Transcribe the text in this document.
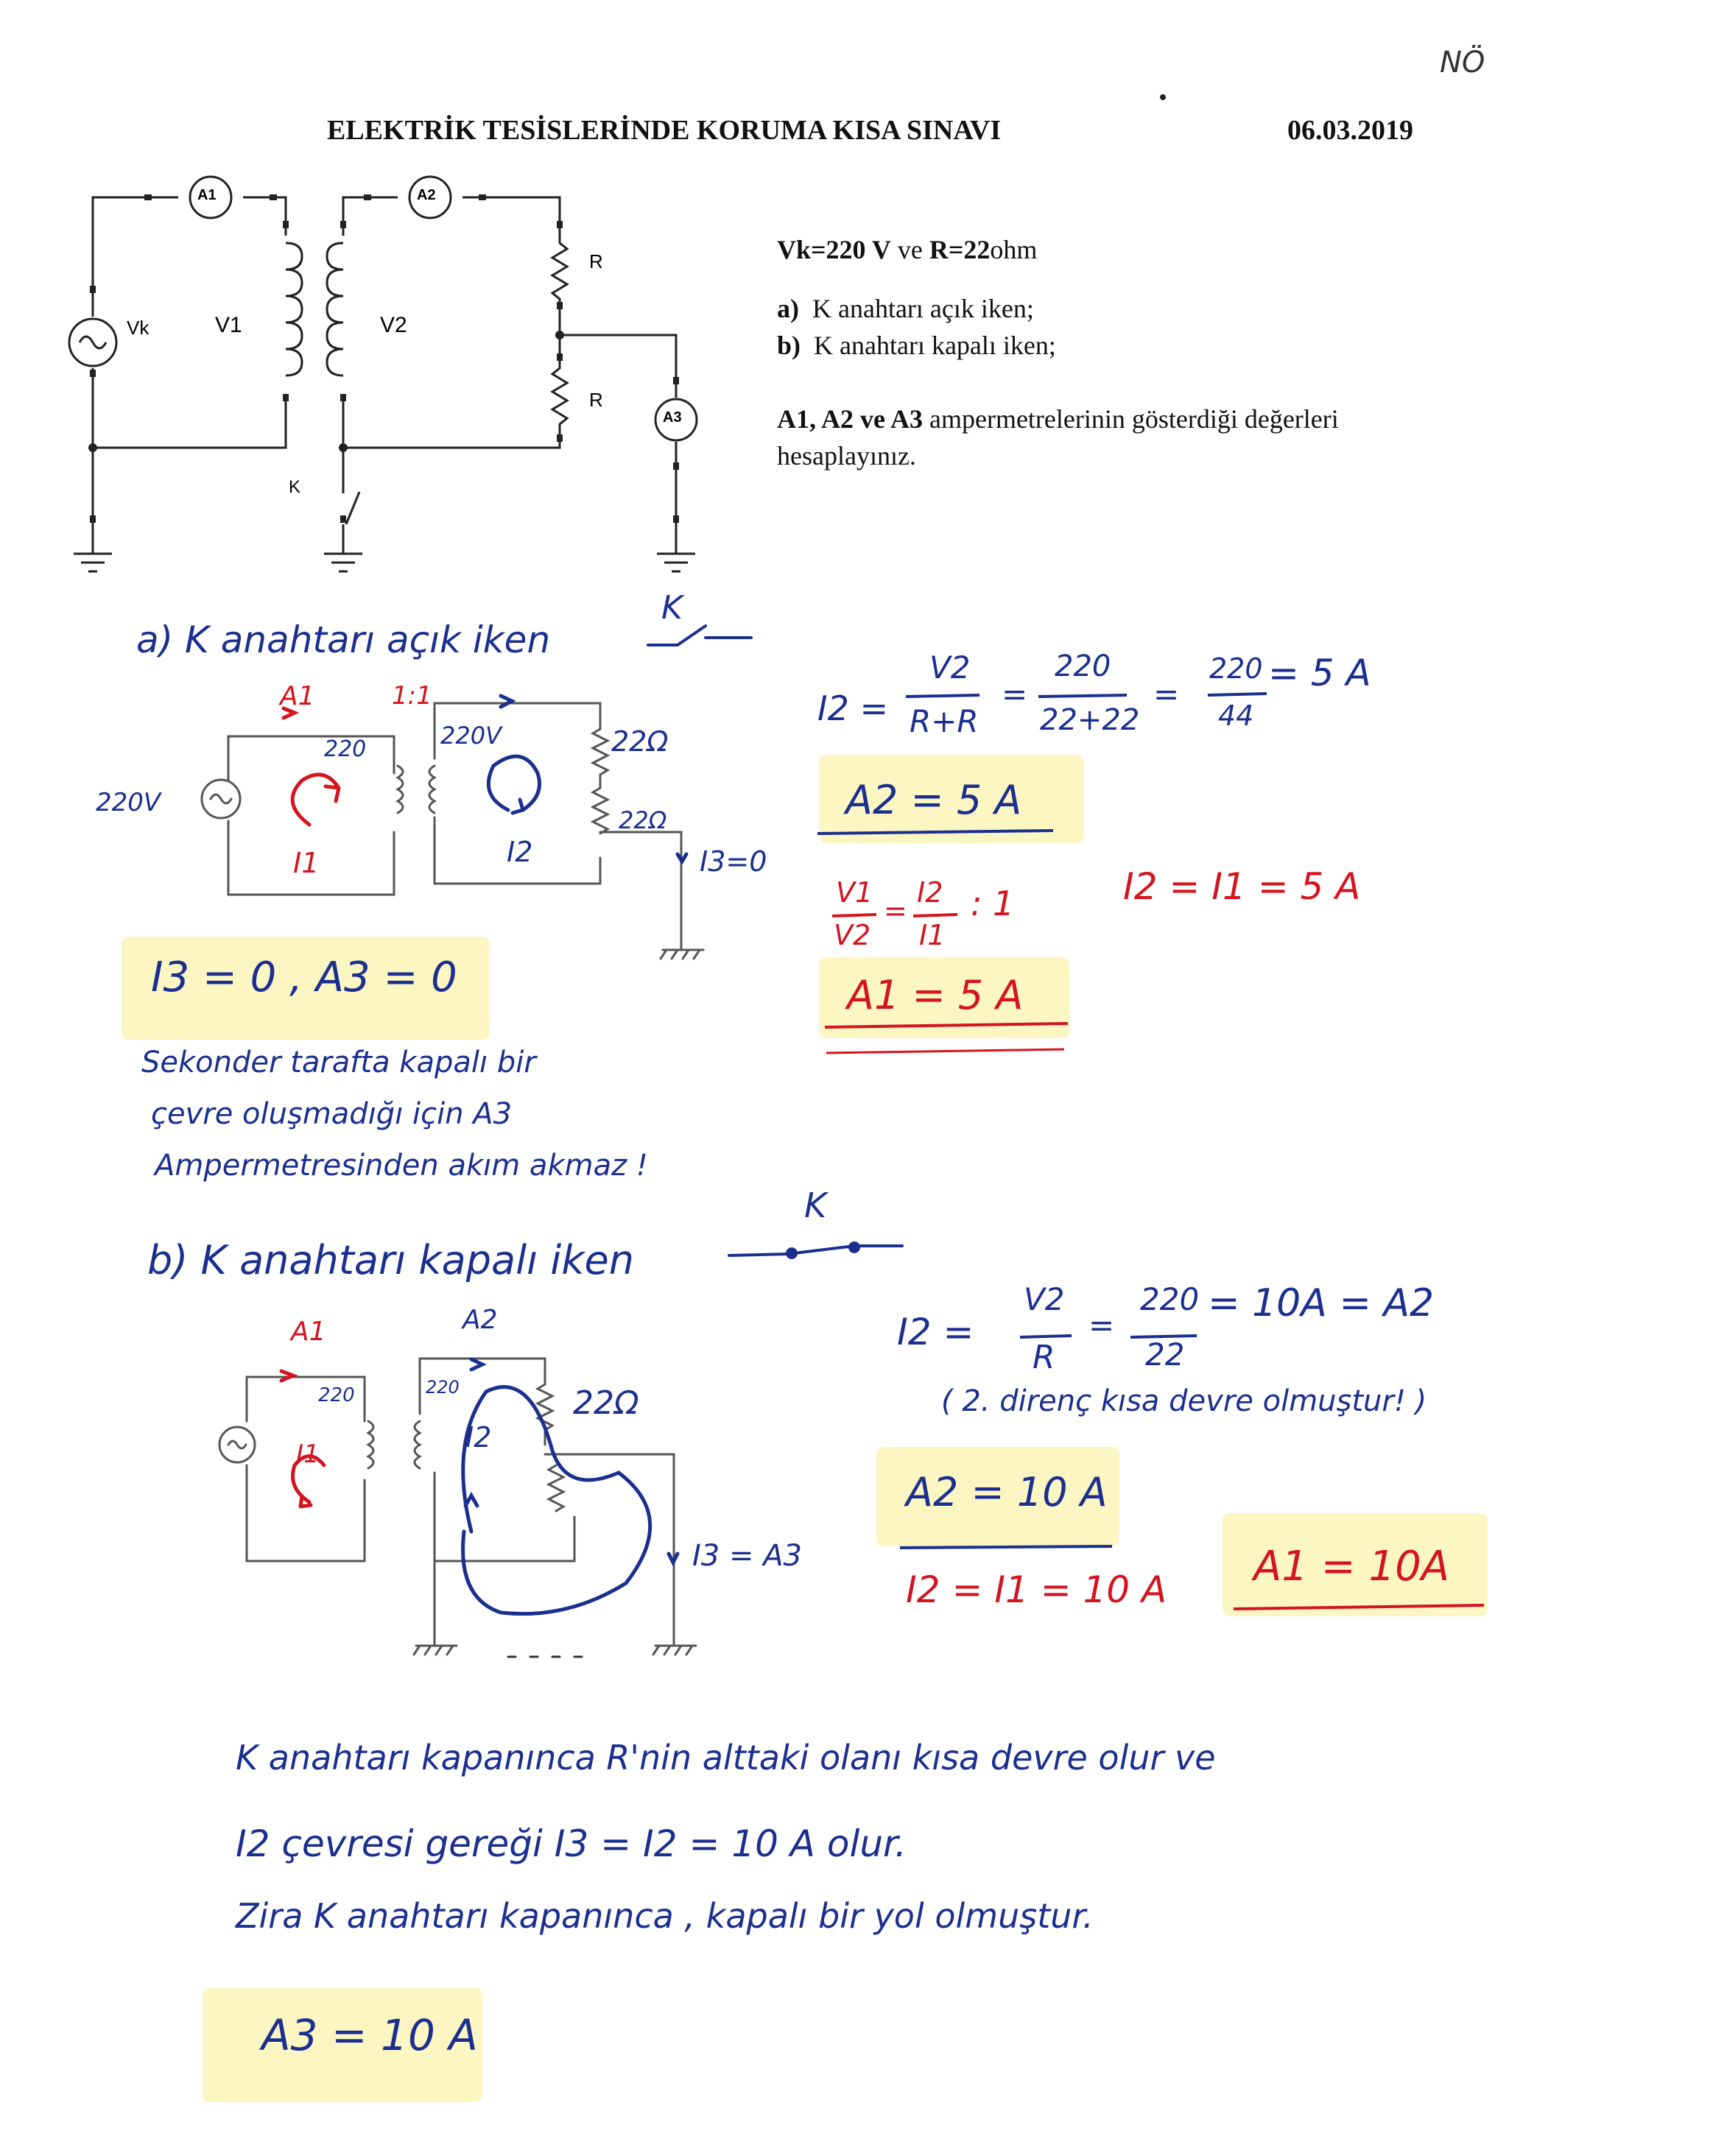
NÖ
ELEKTRİK TESİSLERİNDE KORUMA KISA SINAVI	06.03.2019
A1	A2
A3
Vk	V1	V2
R
R
K
Vk=220 V ve R=22ohm
a) K anahtarı açık iken;
b) K anahtarı kapalı iken;
A1, A2 ve A3 ampermetrelerinin gösterdiği değerleri
hesaplayınız.
a) K anahtarı açık iken
K
A1	1:1
220V
220	220V	22Ω
22Ω
I1	I2	I3=0
I2 =
V2
R+R
=
220
22+22
=
220
44
= 5 A
A2 = 5 A
V1
V2
=
I2
I1
: 1	I2 = I1 = 5 A
A1 = 5 A
I3 = 0 , A3 = 0
Sekonder tarafta kapalı bir
çevre oluşmadığı için A3
Ampermetresinden akım akmaz !
b) K anahtarı kapalı iken
K
A1	A2
220	220	22Ω
I1
I2
I3 = A3
I2 =
V2
R
=
220
22
= 10A = A2
( 2. direnç kısa devre olmuştur! )
A2 = 10 A
I2 = I1 = 10 A A1 = 10A
K anahtarı kapanınca R'nin alttaki olanı kısa devre olur ve
I2 çevresi gereği I3 = I2 = 10 A olur.
Zira K anahtarı kapanınca , kapalı bir yol olmuştur.
A3 = 10 A
